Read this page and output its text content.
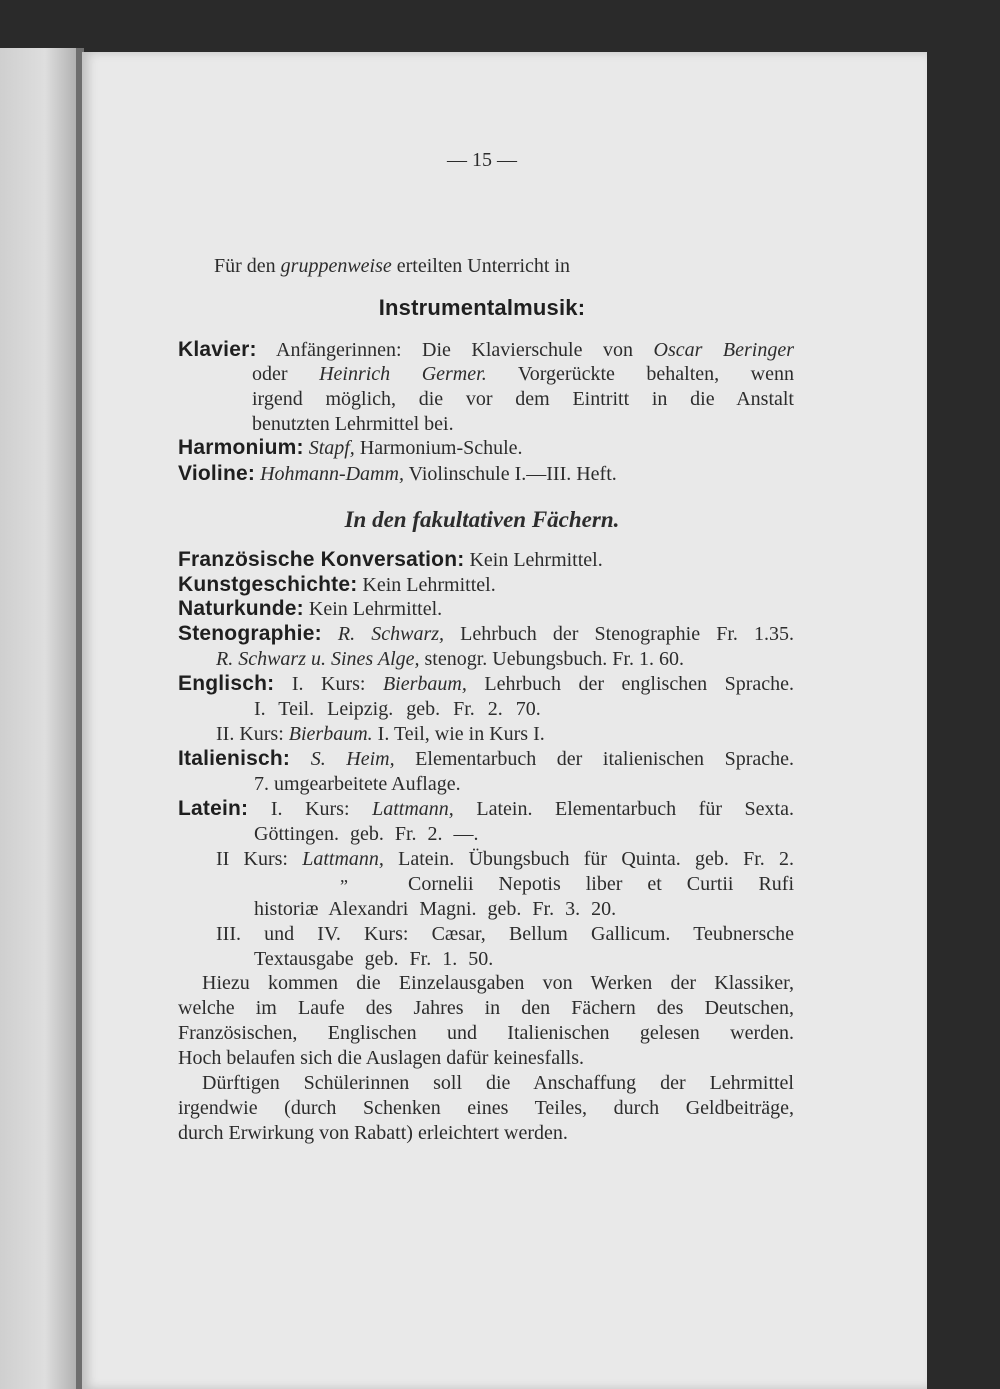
— 15 —

Für den gruppenweise erteilten Unterricht in

Instrumentalmusik:

Klavier: Anfängerinnen: Die Klavierschule von Oscar Beringer

oder Heinrich Germer. Vorgerückte behalten, wenn

irgend möglich, die vor dem Eintritt in die Anstalt

benutzten Lehrmittel bei.

Harmonium: Stapf, Harmonium-Schule.

Violine: Hohmann-Damm, Violinschule I.—III. Heft.

In den fakultativen Fächern.

Französische Konversation: Kein Lehrmittel.

Kunstgeschichte: Kein Lehrmittel.

Naturkunde: Kein Lehrmittel.

Stenographie: R. Schwarz, Lehrbuch der Stenographie Fr. 1.35.

R. Schwarz u. Sines Alge, stenogr. Uebungsbuch. Fr. 1. 60.

Englisch: I. Kurs: Bierbaum, Lehrbuch der englischen Sprache.

I. Teil. Leipzig. geb. Fr. 2. 70.

II. Kurs: Bierbaum. I. Teil, wie in Kurs I.

Italienisch: S. Heim, Elementarbuch der italienischen Sprache.

7. umgearbeitete Auflage.

Latein: I. Kurs: Lattmann, Latein. Elementarbuch für Sexta.

Göttingen. geb. Fr. 2. —.

II Kurs: Lattmann, Latein. Übungsbuch für Quinta. geb. Fr. 2.

„	Cornelii Nepotis liber et Curtii Rufi

historiæ Alexandri Magni. geb. Fr. 3. 20.

III. und IV. Kurs: Cæsar, Bellum Gallicum. Teubnersche

Textausgabe geb. Fr. 1. 50.

Hiezu kommen die Einzelausgaben von Werken der Klassiker,

welche im Laufe des Jahres in den Fächern des Deutschen,

Französischen, Englischen und Italienischen gelesen werden.

Hoch belaufen sich die Auslagen dafür keinesfalls.

Dürftigen Schülerinnen soll die Anschaffung der Lehrmittel

irgendwie (durch Schenken eines Teiles, durch Geldbeiträge,

durch Erwirkung von Rabatt) erleichtert werden.
